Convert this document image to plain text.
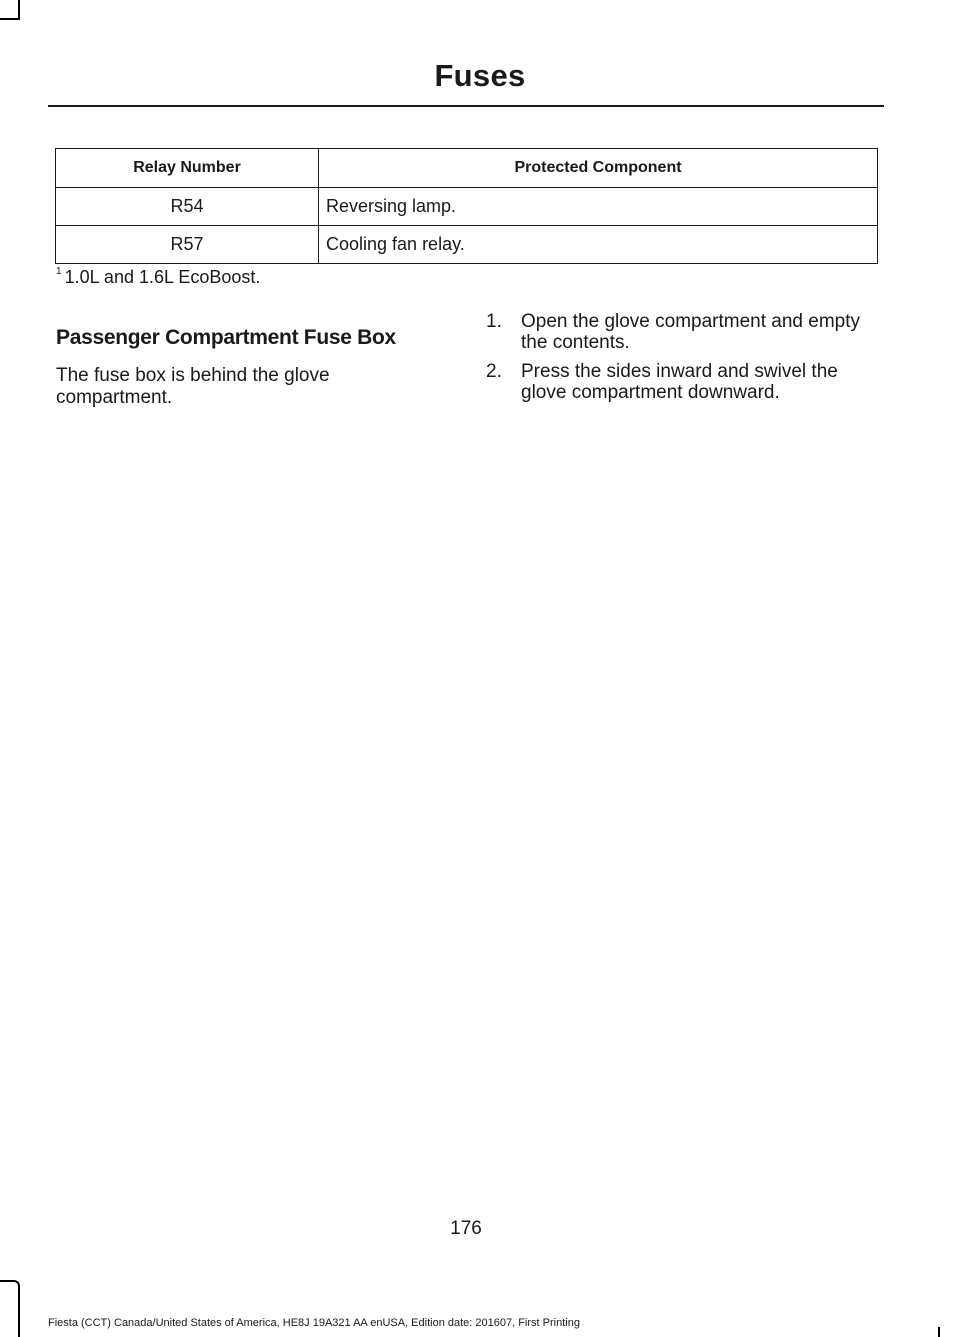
Fuses
Relay Number	Protected Component
R54	Reversing lamp.
R57	Cooling fan relay.
$^1$ 1.0L and 1.6L EcoBoost.
Passenger Compartment Fuse Box
The fuse box is behind the glove compartment.
1.	Open the glove compartment and empty the contents.
2.	Press the sides inward and swivel the glove compartment downward.
176
Fiesta (CCT) Canada/United States of America, HE8J 19A321 AA enUSA, Edition date: 201607, First Printing
